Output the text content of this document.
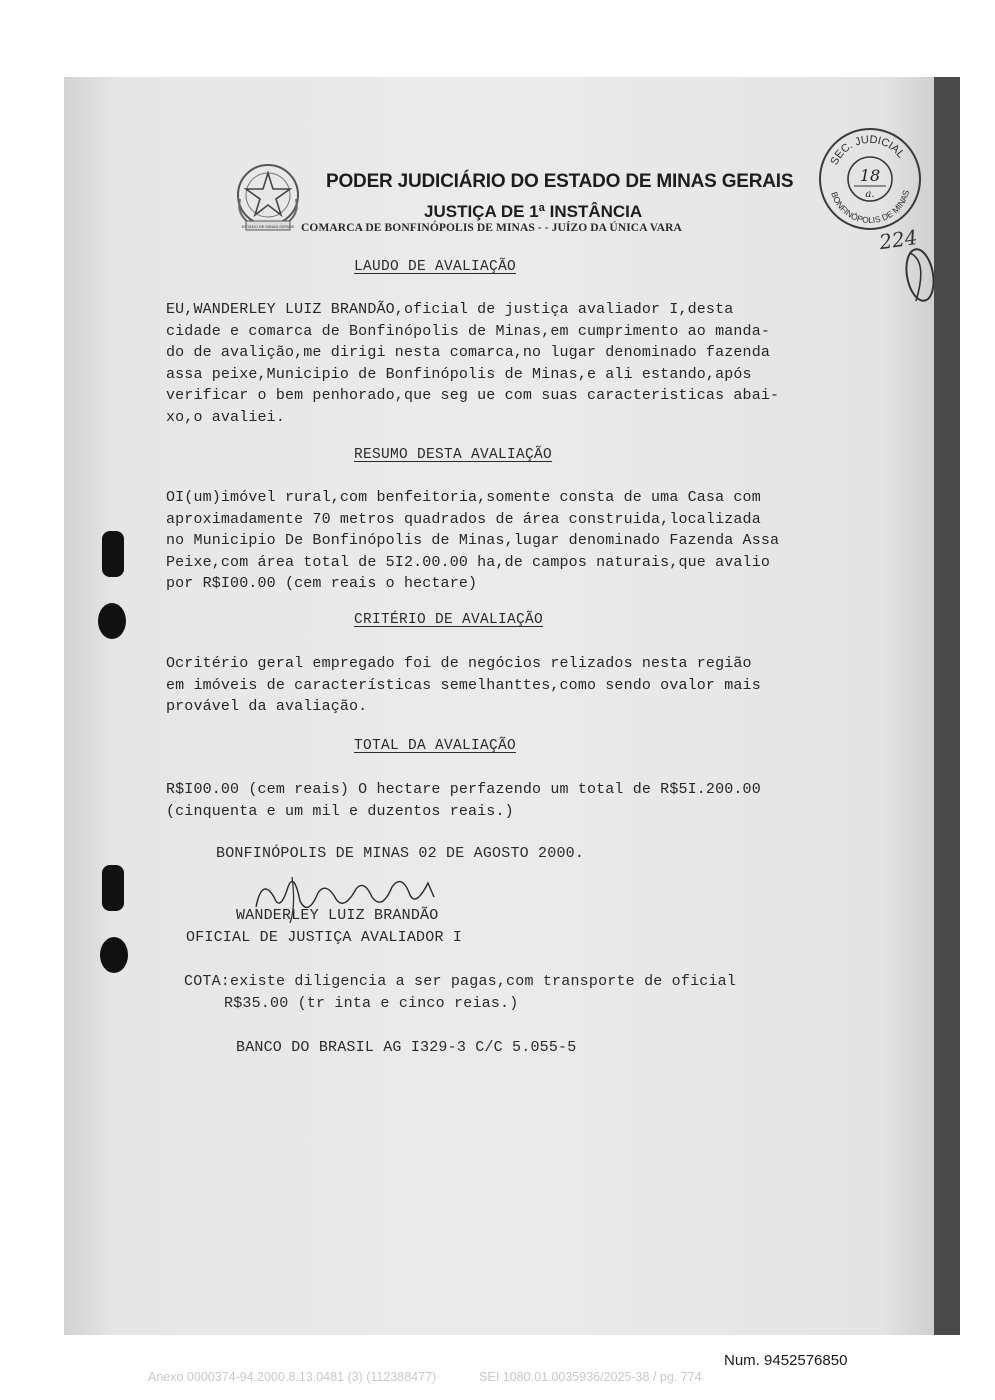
ESTADO DE MINAS GERAIS
PODER JUDICIÁRIO DO ESTADO DE MINAS GERAIS
JUSTIÇA DE 1ª INSTÂNCIA
COMARCA DE BONFINÓPOLIS DE MINAS - - JUÍZO DA ÚNICA VARA
SEC. JUDICIAL
BONFINÓPOLIS DE MINAS
18
a.
224
LAUDO DE AVALIAÇÃO
EU,WANDERLEY LUIZ BRANDÃO,oficial de justiça avaliador I,desta
cidade e comarca de Bonfinópolis de Minas,em cumprimento ao manda-
do de avalição,me dirigi nesta comarca,no lugar denominado fazenda
assa peixe,Municipio de Bonfinópolis de Minas,e ali estando,após
verificar o bem penhorado,que seg ue com suas caracteristicas abai-
xo,o avaliei.
RESUMO DESTA AVALIAÇÃO
OI(um)imóvel rural,com benfeitoria,somente consta de uma Casa com
aproximadamente 70 metros quadrados de área construida,localizada
no Municipio De Bonfinópolis de Minas,lugar denominado Fazenda Assa
Peixe,com área total de 5I2.00.00 ha,de campos naturais,que avalio
por R$I00.00 (cem reais o hectare)
CRITÉRIO DE AVALIAÇÃO
Ocritério geral empregado foi de negócios relizados nesta região
em imóveis de características semelhanttes,como sendo ovalor mais
provável da avaliação.
TOTAL DA AVALIAÇÃO
R$I00.00 (cem reais) O hectare perfazendo um total de R$5I.200.00
(cinquenta e um mil e duzentos reais.)
BONFINÓPOLIS DE MINAS 02 DE AGOSTO 2000.
WANDERLEY LUIZ BRANDÃO
OFICIAL DE JUSTIÇA AVALIADOR I
COTA:existe diligencia a ser pagas,com transporte de oficial
R$35.00 (tr inta e cinco reias.)
BANCO DO BRASIL AG I329-3 C/C 5.055-5
Num. 9452576850
Anexo 0000374-94.2000.8.13.0481 (3) (112388477)	SEI 1080.01.0035936/2025-38 / pg. 774
